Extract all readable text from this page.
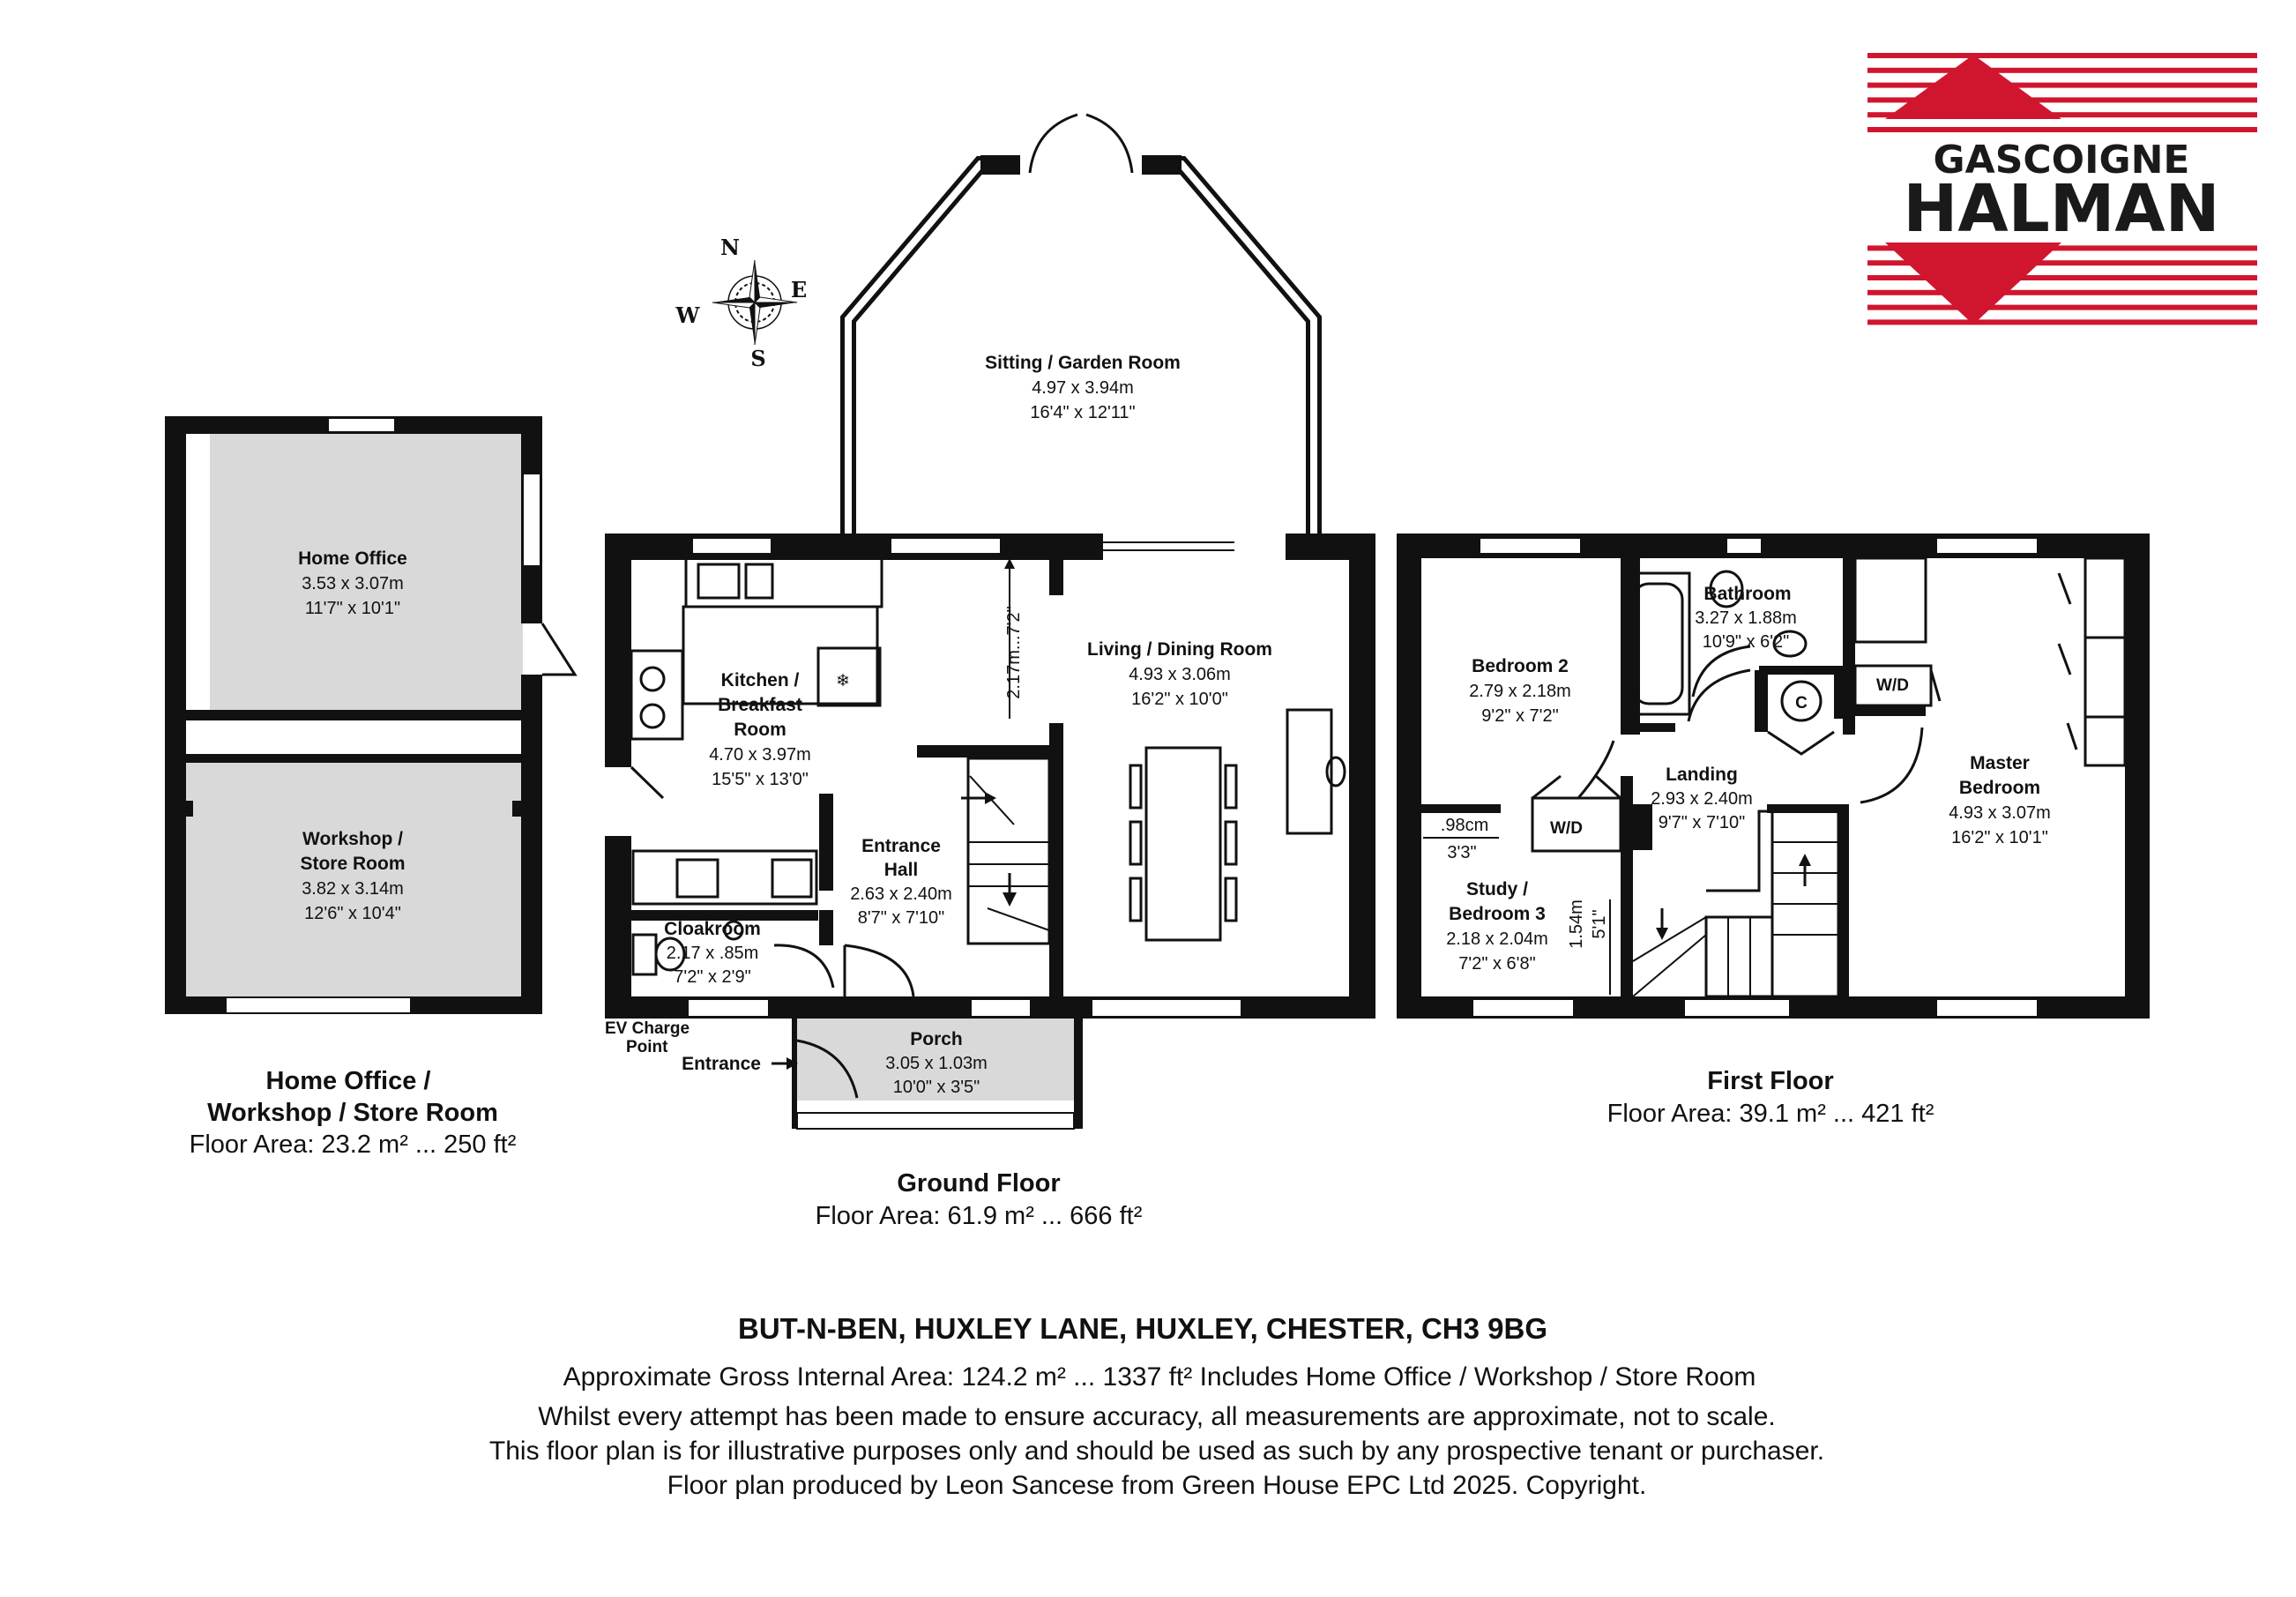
GASCOIGNE
HALMAN
N
E
S
W
Home Office
3.53 x 3.07m
11'7" x 10'1"
Workshop /
Store Room
3.82 x 3.14m
12'6" x 10'4"
Home Office /
Workshop / Store Room
Floor Area: 23.2 m² ... 250 ft²
❄
Sitting / Garden Room
4.97 x 3.94m
16'4" x 12'11"
Kitchen /
Breakfast
Room
4.70 x 3.97m
15'5" x 13'0"
Living / Dining Room
4.93 x 3.06m
16'2" x 10'0"
Entrance
Hall
2.63 x 2.40m
8'7" x 7'10"
Cloakroom
2.17 x .85m
7'2" x 2'9"
Porch
3.05 x 1.03m
10'0" x 3'5"
2.17m...7'2"
EV Charge
Point
Entrance
Ground Floor
Floor Area: 61.9 m² ... 666 ft²
C
W/D
W/D
Bedroom 2
2.79 x 2.18m
9'2" x 7'2"
Bathroom
3.27 x 1.88m
10'9" x 6'2"
Master
Bedroom
4.93 x 3.07m
16'2" x 10'1"
Landing
2.93 x 2.40m
9'7" x 7'10"
Study /
Bedroom 3
2.18 x 2.04m
7'2" x 6'8"
.98cm
3'3"
1.54m 5'1"
First Floor
Floor Area: 39.1 m² ... 421 ft²
BUT-N-BEN, HUXLEY LANE, HUXLEY, CHESTER, CH3 9BG
Approximate Gross Internal Area: 124.2 m² ... 1337 ft² Includes Home Office / Workshop / Store Room
Whilst every attempt has been made to ensure accuracy, all measurements are approximate, not to scale.
This floor plan is for illustrative purposes only and should be used as such by any prospective tenant or purchaser.
Floor plan produced by Leon Sancese from Green House EPC Ltd 2025. Copyright.
